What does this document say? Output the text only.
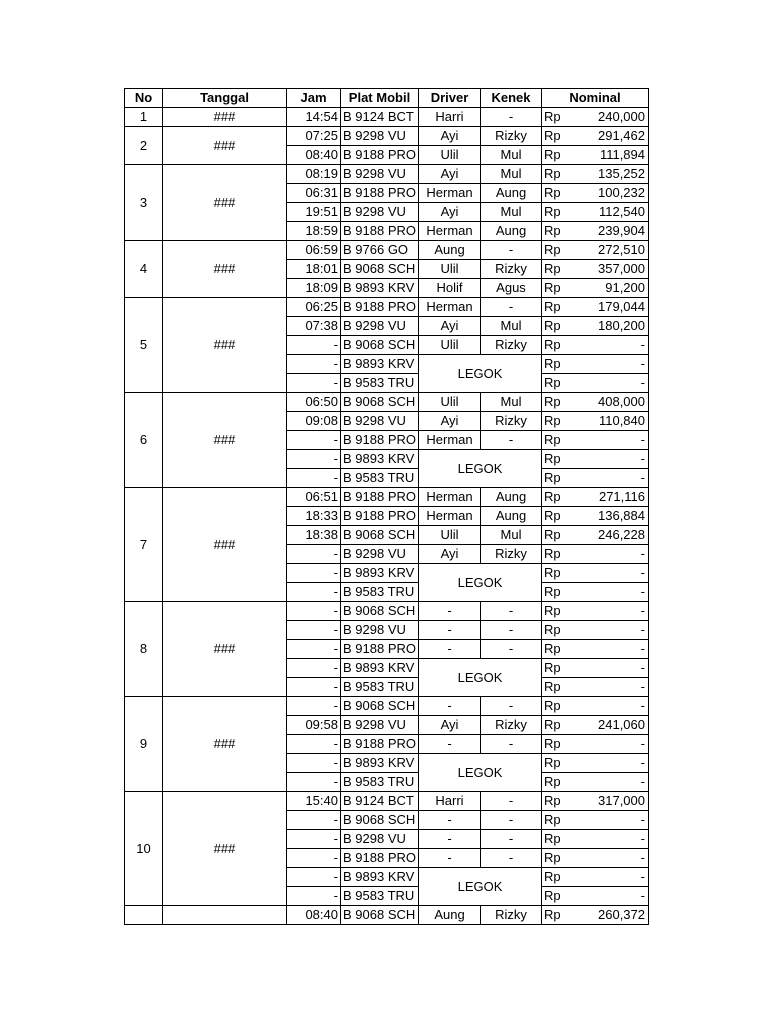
No	Tanggal	Jam	Plat Mobil	Driver	Kenek	Nominal	
1	###	14:54	B 9124 BCT	Harri	-	Rp	240,000
2	###	07:25	B 9298 VU	Ayi	Rizky	Rp	291,462
		08:40	B 9188 PRO	Ulil	Mul	Rp	111,894
3	###	08:19	B 9298 VU	Ayi	Mul	Rp	135,252
		06:31	B 9188 PRO	Herman	Aung	Rp	100,232
		19:51	B 9298 VU	Ayi	Mul	Rp	112,540
		18:59	B 9188 PRO	Herman	Aung	Rp	239,904
4	###	06:59	B 9766 GO	Aung	-	Rp	272,510
		18:01	B 9068 SCH	Ulil	Rizky	Rp	357,000
		18:09	B 9893 KRV	Holif	Agus	Rp	91,200
5	###	06:25	B 9188 PRO	Herman	-	Rp	179,044
		07:38	B 9298 VU	Ayi	Mul	Rp	180,200
		-	B 9068 SCH	Ulil	Rizky	Rp	-
		-	B 9893 KRV	LEGOK		Rp	-
		-	B 9583 TRU			Rp	-
6	###	06:50	B 9068 SCH	Ulil	Mul	Rp	408,000
		09:08	B 9298 VU	Ayi	Rizky	Rp	110,840
		-	B 9188 PRO	Herman	-	Rp	-
		-	B 9893 KRV	LEGOK		Rp	-
		-	B 9583 TRU			Rp	-
7	###	06:51	B 9188 PRO	Herman	Aung	Rp	271,116
		18:33	B 9188 PRO	Herman	Aung	Rp	136,884
		18:38	B 9068 SCH	Ulil	Mul	Rp	246,228
		-	B 9298 VU	Ayi	Rizky	Rp	-
		-	B 9893 KRV	LEGOK		Rp	-
		-	B 9583 TRU			Rp	-
8	###	-	B 9068 SCH	-	-	Rp	-
		-	B 9298 VU	-	-	Rp	-
		-	B 9188 PRO	-	-	Rp	-
		-	B 9893 KRV	LEGOK		Rp	-
		-	B 9583 TRU			Rp	-
9	###	-	B 9068 SCH	-	-	Rp	-
		09:58	B 9298 VU	Ayi	Rizky	Rp	241,060
		-	B 9188 PRO	-	-	Rp	-
		-	B 9893 KRV	LEGOK		Rp	-
		-	B 9583 TRU			Rp	-
10	###	15:40	B 9124 BCT	Harri	-	Rp	317,000
		-	B 9068 SCH	-	-	Rp	-
		-	B 9298 VU	-	-	Rp	-
		-	B 9188 PRO	-	-	Rp	-
		-	B 9893 KRV	LEGOK		Rp	-
		-	B 9583 TRU			Rp	-
		08:40	B 9068 SCH	Aung	Rizky	Rp	260,372
